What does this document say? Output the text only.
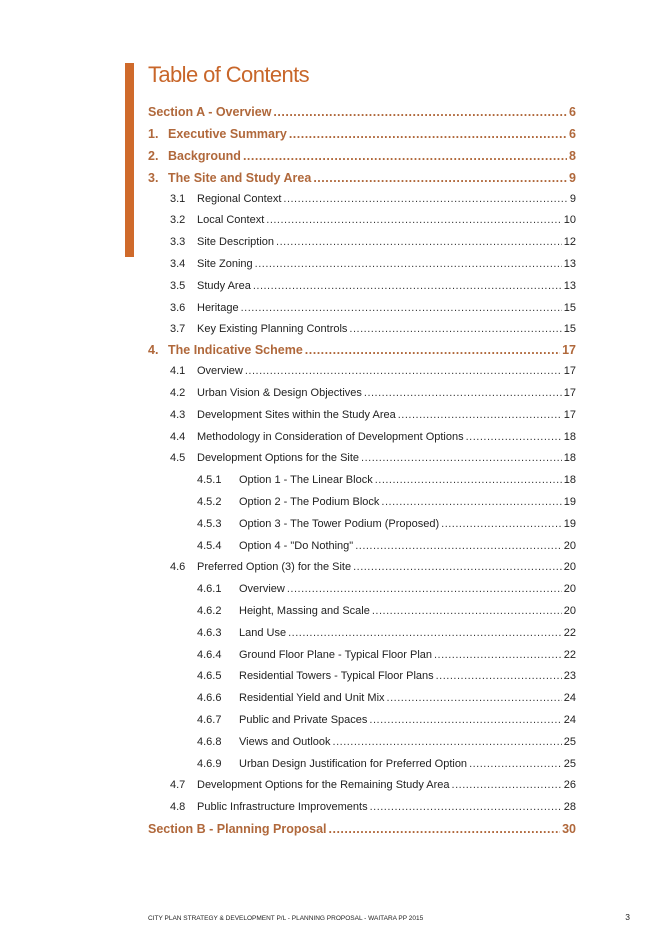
Table of Contents
Section A - Overview .....	6
1. Executive Summary .....	6
2. Background .....	8
3. The Site and Study Area .....	9
3.1	Regional Context .....	9
3.2	Local Context .....	10
3.3	Site Description .....	12
3.4	Site Zoning .....	13
3.5	Study Area .....	13
3.6	Heritage .....	15
3.7	Key Existing Planning Controls .....	15
4. The Indicative Scheme .....	17
4.1	Overview .....	17
4.2	Urban Vision & Design Objectives .....	17
4.3	Development Sites within the Study Area .....	17
4.4	Methodology in Consideration of Development Options .....	18
4.5	Development Options for the Site .....	18
4.5.1	Option 1 - The Linear Block .....	18
4.5.2	Option 2 - The Podium Block .....	19
4.5.3	Option 3 - The Tower Podium (Proposed) .....	19
4.5.4	Option 4 - "Do Nothing" .....	20
4.6	Preferred Option (3) for the Site .....	20
4.6.1	Overview .....	20
4.6.2	Height, Massing and Scale .....	20
4.6.3	Land Use .....	22
4.6.4	Ground Floor Plane - Typical Floor Plan .....	22
4.6.5	Residential Towers - Typical Floor Plans .....	23
4.6.6	Residential Yield and Unit Mix .....	24
4.6.7	Public and Private Spaces .....	24
4.6.8	Views and Outlook .....	25
4.6.9	Urban Design Justification for Preferred Option .....	25
4.7	Development Options for the Remaining Study Area .....	26
4.8	Public Infrastructure Improvements .....	28
Section B - Planning Proposal .....	30
CITY PLAN STRATEGY & DEVELOPMENT P/L - PLANNING PROPOSAL - WAITARA PP 2015	3
